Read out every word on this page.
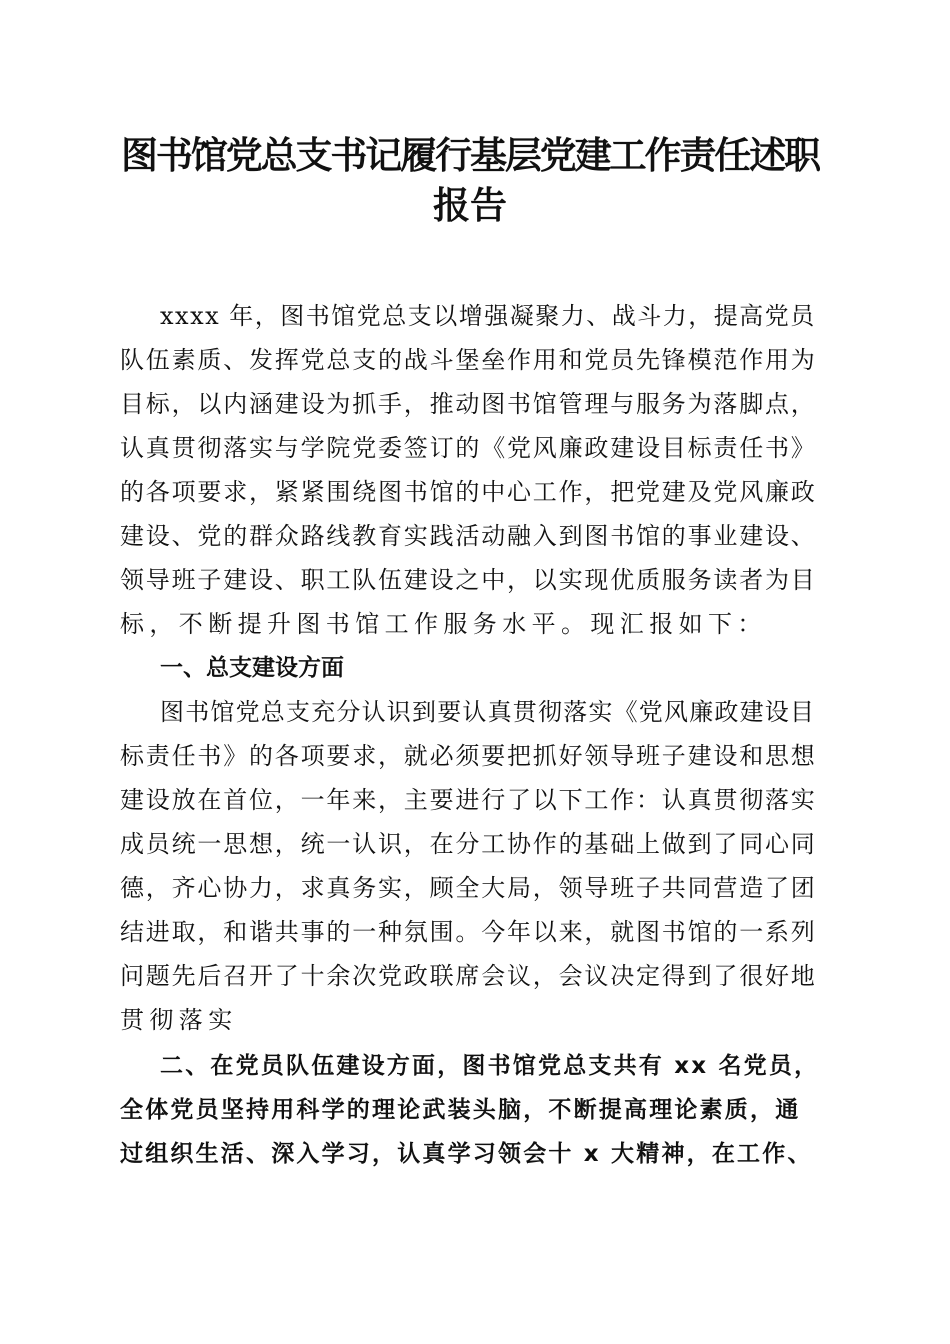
图书馆党总支书记履行基层党建工作责任述职
报告
xxxx 年，图书馆党总支以增强凝聚力、战斗力，提高党员
队伍素质、发挥党总支的战斗堡垒作用和党员先锋模范作用为
目标，以内涵建设为抓手，推动图书馆管理与服务为落脚点，
认真贯彻落实与学院党委签订的《党风廉政建设目标责任书》
的各项要求，紧紧围绕图书馆的中心工作，把党建及党风廉政
建设、党的群众路线教育实践活动融入到图书馆的事业建设、
领导班子建设、职工队伍建设之中，以实现优质服务读者为目
标，不断提升图书馆工作服务水平。现汇报如下：
一、总支建设方面
图书馆党总支充分认识到要认真贯彻落实《党风廉政建设目
标责任书》的各项要求，就必须要把抓好领导班子建设和思想
建设放在首位，一年来，主要进行了以下工作：认真贯彻落实
成员统一思想，统一认识，在分工协作的基础上做到了同心同
德，齐心协力，求真务实，顾全大局，领导班子共同营造了团
结进取，和谐共事的一种氛围。今年以来，就图书馆的一系列
问题先后召开了十余次党政联席会议，会议决定得到了很好地
贯彻落实
二、在党员队伍建设方面，图书馆党总支共有 xx 名党员，
全体党员坚持用科学的理论武装头脑，不断提高理论素质，通
过组织生活、深入学习，认真学习领会十 x 大精神，在工作、
